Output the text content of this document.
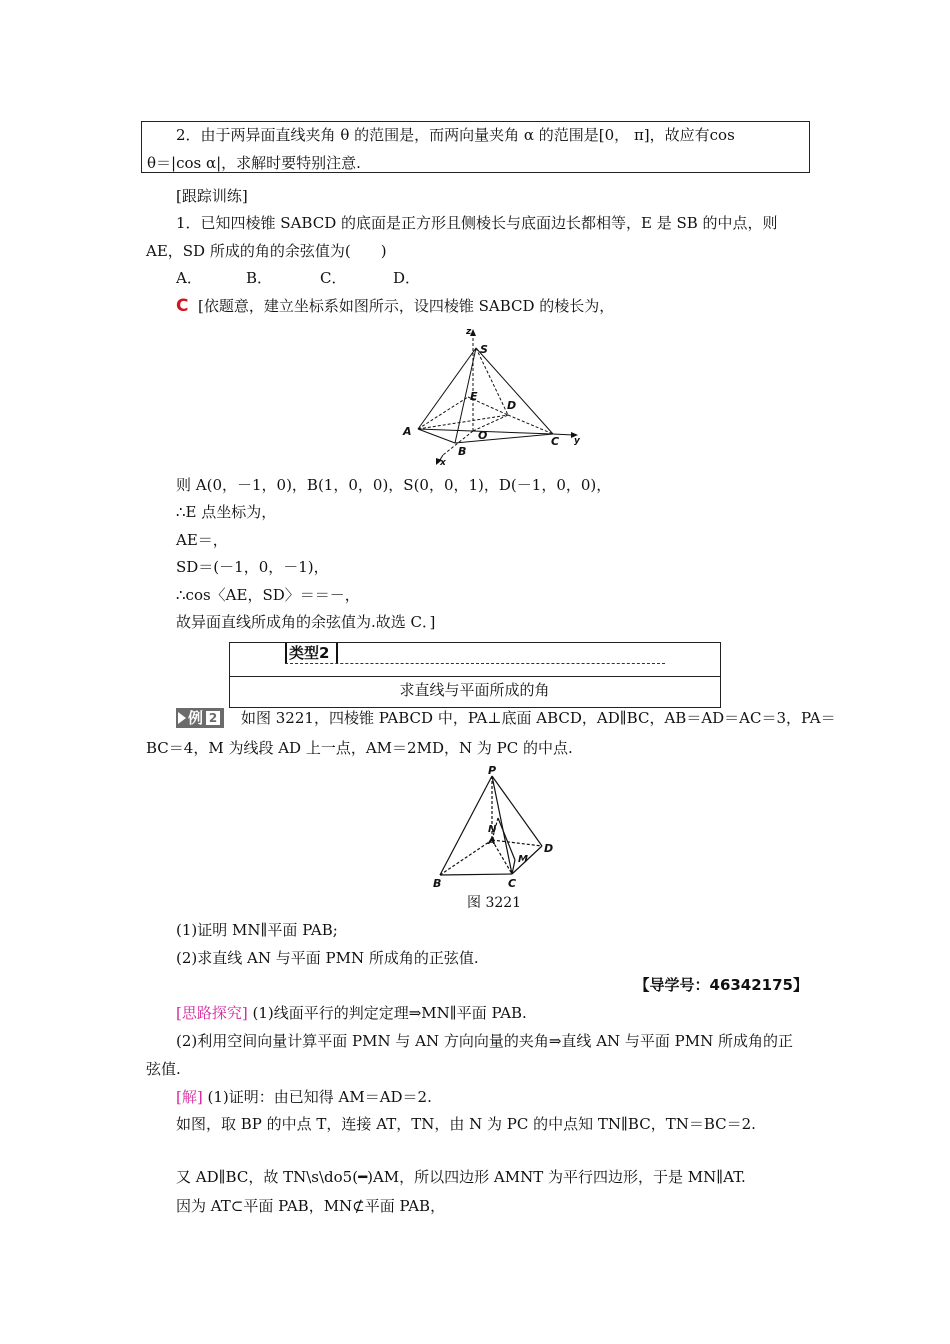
2．由于两异面直线夹角 θ 的范围是，而两向量夹角 α 的范围是[0， π]，故应有cos
θ＝|cos α|，求解时要特别注意.
[跟踪训练]
1．已知四棱锥 SABCD 的底面是正方形且侧棱长与底面边长都相等，E 是 SB 的中点，则
AE，SD 所成的角的余弦值为(　　)
A．	B．	C．	D．
C [依题意，建立坐标系如图所示，设四棱锥 SABCD 的棱长为，
z
S
E
D
A	O	C y
B
x
则 A(0，－1，0)，B(1，0，0)，S(0，0，1)，D(－1，0，0)，
∴E 点坐标为，
AE＝，
SD＝(－1，0，－1)，
∴cos〈AE，SD〉＝＝－，
故异面直线所成角的余弦值为.故选 C．]
类型2
求直线与平面所成的角
例 2 如图 3221，四棱锥 PABCD 中，PA⊥底面 ABCD，AD∥BC，AB＝AD＝AC＝3，PA＝
BC＝4，M 为线段 AD 上一点，AM＝2MD，N 为 PC 的中点.
P
N
A
M
D
B	C
图 3221
(1)证明 MN∥平面 PAB;
(2)求直线 AN 与平面 PMN 所成角的正弦值.
【导学号：46342175】
[思路探究] (1)线面平行的判定定理⇒MN∥平面 PAB.
(2)利用空间向量计算平面 PMN 与 AN 方向向量的夹角⇒直线 AN 与平面 PMN 所成角的正
弦值.
[解] (1)证明：由已知得 AM＝AD＝2.
如图，取 BP 的中点 T，连接 AT，TN，由 N 为 PC 的中点知 TN∥BC，TN＝BC＝2.
又 AD∥BC，故 TN\s\do5(━)AM，所以四边形 AMNT 为平行四边形，于是 MN∥AT.
因为 AT⊂平面 PAB，MN⊄平面 PAB，
